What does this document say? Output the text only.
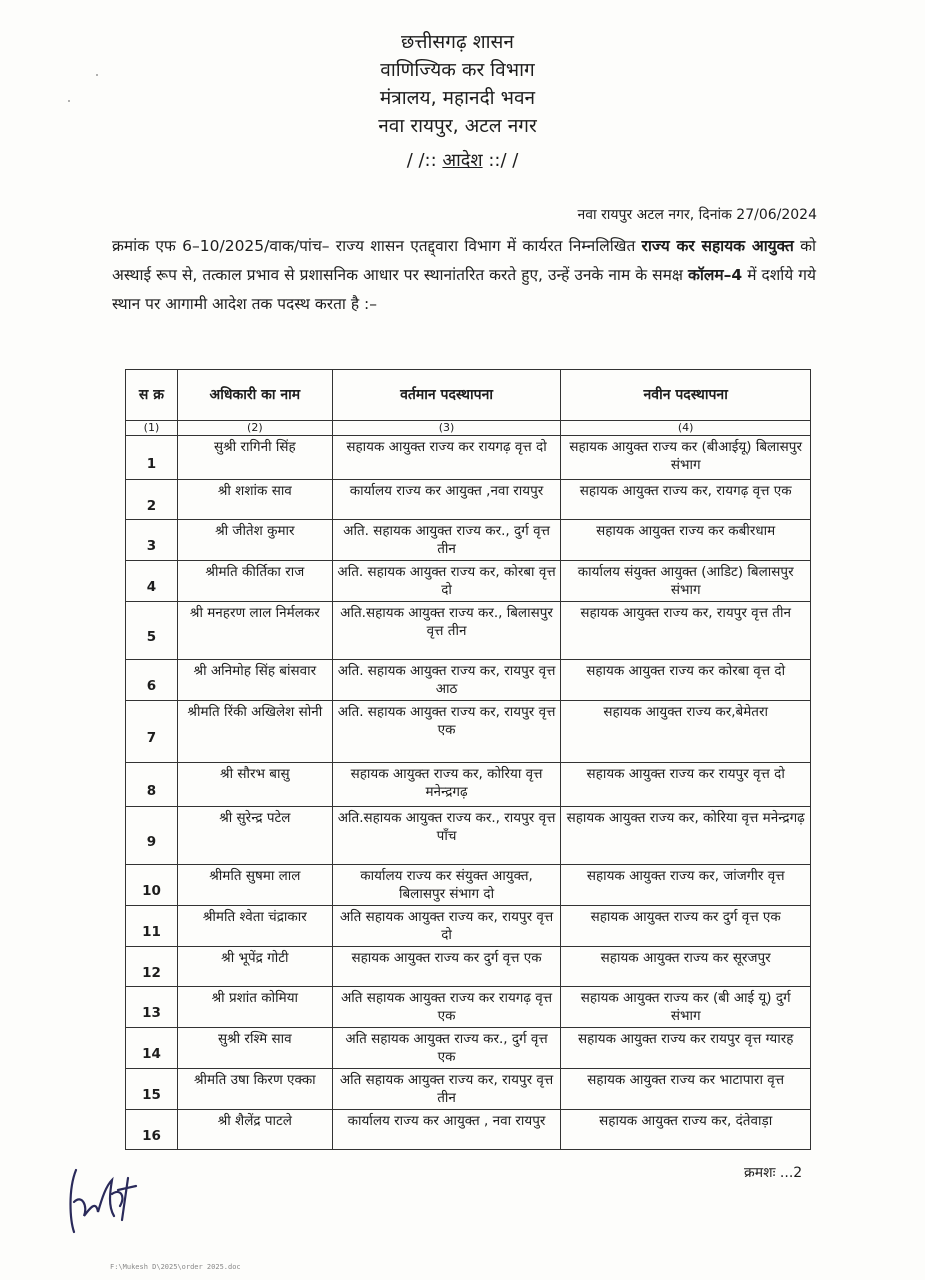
छत्तीसगढ़ शासन
वाणिज्यिक कर विभाग
मंत्रालय, महानदी भवन
नवा रायपुर, अटल नगर
/ /:: आदेश ::/ /
नवा रायपुर अटल नगर, दिनांक 27/06/2024
क्रमांक एफ 6–10/2025/वाक/पांच– राज्य शासन एतद्द्वारा विभाग में कार्यरत निम्नलिखित राज्य कर सहायक आयुक्त को अस्थाई रूप से, तत्काल प्रभाव से प्रशासनिक आधार पर स्थानांतरित करते हुए, उन्हें उनके नाम के समक्ष कॉलम–4 में दर्शाये गये स्थान पर आगामी आदेश तक पदस्थ करता है :–
स क्र	अधिकारी का नाम	वर्तमान पदस्थापना	नवीन पदस्थापना
(1)	(2)	(3)	(4)
1	सुश्री रागिनी सिंह	सहायक आयुक्त राज्य कर रायगढ़ वृत्त दो	सहायक आयुक्त राज्य कर (बीआईयू) बिलासपुर संभाग
2	श्री शशांक साव	कार्यालय राज्य कर आयुक्त ,नवा रायपुर	सहायक आयुक्त राज्य कर, रायगढ़ वृत्त एक
3	श्री जीतेश कुमार	अति. सहायक आयुक्त राज्य कर., दुर्ग वृत्त तीन	सहायक आयुक्त राज्य कर कबीरधाम
4	श्रीमति कीर्तिका राज	अति. सहायक आयुक्त राज्य कर, कोरबा वृत्त दो	कार्यालय संयुक्त आयुक्त (आडिट) बिलासपुर संभाग
5	श्री मनहरण लाल निर्मलकर	अति.सहायक आयुक्त राज्य कर., बिलासपुर वृत्त तीन	सहायक आयुक्त राज्य कर, रायपुर वृत्त तीन
6	श्री अनिमोह सिंह बांसवार	अति. सहायक आयुक्त राज्य कर, रायपुर वृत्त आठ	सहायक आयुक्त राज्य कर कोरबा वृत्त दो
7	श्रीमति रिंकी अखिलेश सोनी	अति. सहायक आयुक्त राज्य कर, रायपुर वृत्त एक	सहायक आयुक्त राज्य कर,बेमेतरा
8	श्री सौरभ बासु	सहायक आयुक्त राज्य कर, कोरिया वृत्त मनेन्द्रगढ़	सहायक आयुक्त राज्य कर रायपुर वृत्त दो
9	श्री सुरेन्द्र पटेल	अति.सहायक आयुक्त राज्य कर., रायपुर वृत्त पाँच	सहायक आयुक्त राज्य कर, कोरिया वृत्त मनेन्द्रगढ़
10	श्रीमति सुषमा लाल	कार्यालय राज्य कर संयुक्त आयुक्त, बिलासपुर संभाग दो	सहायक आयुक्त राज्य कर, जांजगीर वृत्त
11	श्रीमति श्वेता चंद्राकार	अति सहायक आयुक्त राज्य कर, रायपुर वृत्त दो	सहायक आयुक्त राज्य कर दुर्ग वृत्त एक
12	श्री भूपेंद्र गोटी	सहायक आयुक्त राज्य कर दुर्ग वृत्त एक	सहायक आयुक्त राज्य कर सूरजपुर
13	श्री प्रशांत कोमिया	अति सहायक आयुक्त राज्य कर रायगढ़ वृत्त एक	सहायक आयुक्त राज्य कर (बी आई यू) दुर्ग संभाग
14	सुश्री रश्मि साव	अति सहायक आयुक्त राज्य कर., दुर्ग वृत्त एक	सहायक आयुक्त राज्य कर रायपुर वृत्त ग्यारह
15	श्रीमति उषा किरण एक्का	अति सहायक आयुक्त राज्य कर, रायपुर वृत्त तीन	सहायक आयुक्त राज्य कर भाटापारा वृत्त
16	श्री शैलेंद्र पाटले	कार्यालय राज्य कर आयुक्त , नवा रायपुर	सहायक आयुक्त राज्य कर, दंतेवाड़ा
क्रमशः ...2
F:\Mukesh D\2025\order 2025.doc
